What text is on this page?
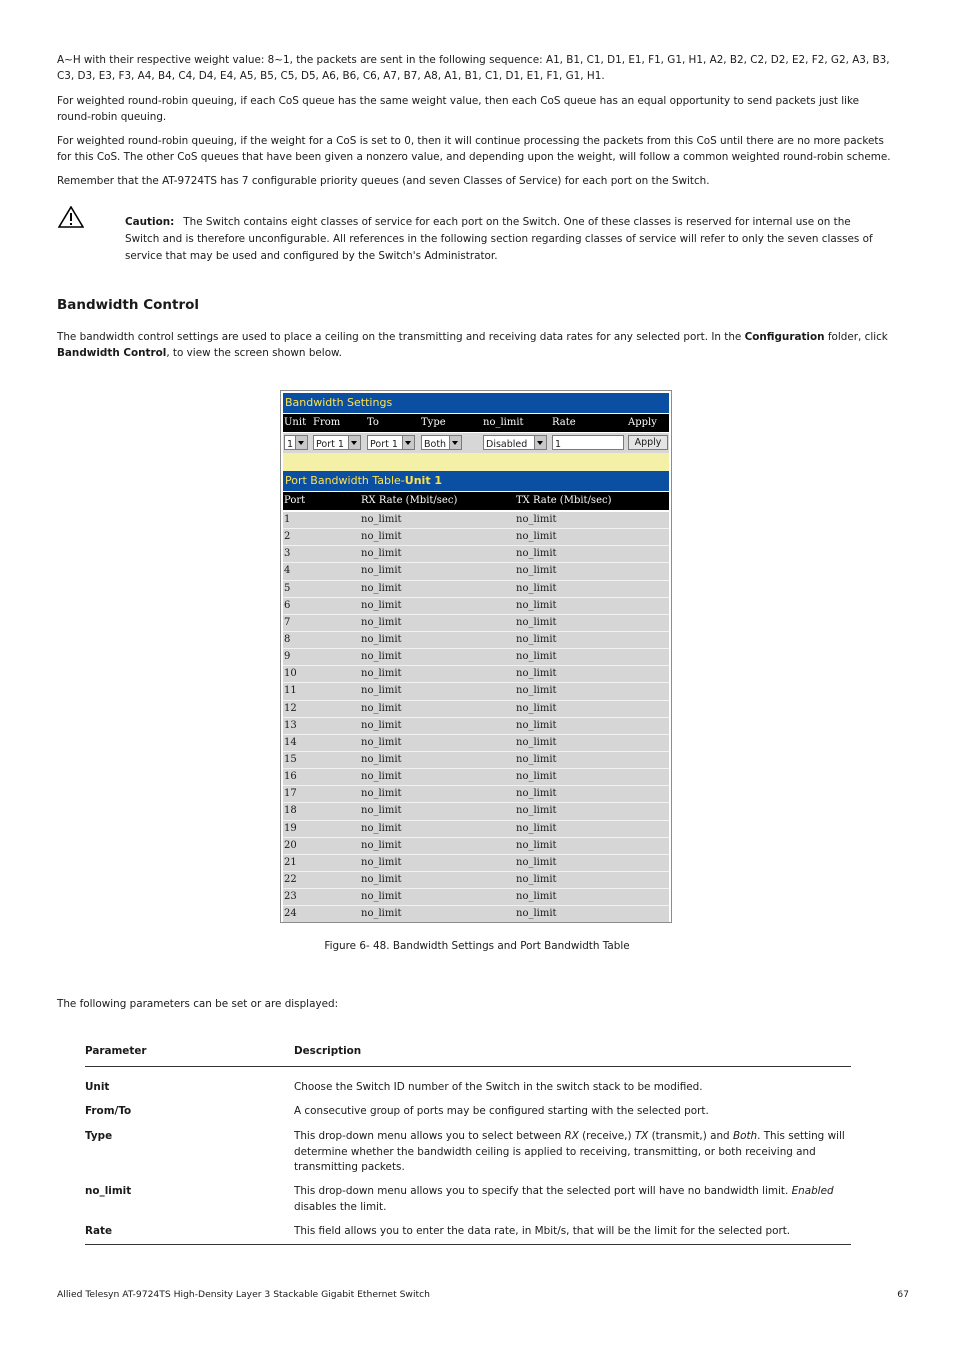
A~H with their respective weight value: 8~1, the packets are sent in the following sequence: A1, B1, C1, D1, E1, F1, G1, H1, A2, B2, C2, D2, E2, F2, G2, A3, B3, C3, D3, E3, F3, A4, B4, C4, D4, E4, A5, B5, C5, D5, A6, B6, C6, A7, B7, A8, A1, B1, C1, D1, E1, F1, G1, H1.

For weighted round-robin queuing, if each CoS queue has the same weight value, then each CoS queue has an equal opportunity to send packets just like round-robin queuing.

For weighted round-robin queuing, if the weight for a CoS is set to 0, then it will continue processing the packets from this CoS until there are no more packets for this CoS. The other CoS queues that have been given a nonzero value, and depending upon the weight, will follow a common weighted round-robin scheme.

Remember that the AT-9724TS has 7 configurable priority queues (and seven Classes of Service) for each port on the Switch.

Caution: The Switch contains eight classes of service for each port on the Switch. One of these classes is reserved for internal use on the Switch and is therefore unconfigurable. All references in the following section regarding classes of service will refer to only the seven classes of service that may be used and configured by the Switch's Administrator.
Bandwidth Control

The bandwidth control settings are used to place a ceiling on the transmitting and receiving data rates for any selected port. In the Configuration folder, click Bandwidth Control, to view the screen shown below.

Bandwidth Settings
Unit From	To	Type	no_limit	Rate	Apply
1	Port 1	Port 1	Both	Disabled	1	Apply
Port Bandwidth Table-Unit 1
Port	RX Rate (Mbit/sec)	TX Rate (Mbit/sec)
1	no_limit	no_limit
2	no_limit	no_limit
3	no_limit	no_limit
4	no_limit	no_limit
5	no_limit	no_limit
6	no_limit	no_limit
7	no_limit	no_limit
8	no_limit	no_limit
9	no_limit	no_limit
10	no_limit	no_limit
11	no_limit	no_limit
12	no_limit	no_limit
13	no_limit	no_limit
14	no_limit	no_limit
15	no_limit	no_limit
16	no_limit	no_limit
17	no_limit	no_limit
18	no_limit	no_limit
19	no_limit	no_limit
20	no_limit	no_limit
21	no_limit	no_limit
22	no_limit	no_limit
23	no_limit	no_limit
24	no_limit	no_limit
Figure 6- 48. Bandwidth Settings and Port Bandwidth Table

The following parameters can be set or are displayed:

Parameter	Description
Unit	Choose the Switch ID number of the Switch in the switch stack to be modified.
From/To	A consecutive group of ports may be configured starting with the selected port.
Type	This drop-down menu allows you to select between RX (receive,) TX (transmit,) and Both. This setting will determine whether the bandwidth ceiling is applied to receiving, transmitting, or both receiving and transmitting packets.
no_limit	This drop-down menu allows you to specify that the selected port will have no bandwidth limit. Enabled disables the limit.
Rate	This field allows you to enter the data rate, in Mbit/s, that will be the limit for the selected port.
Allied Telesyn AT-9724TS High-Density Layer 3 Stackable Gigabit Ethernet Switch	67
